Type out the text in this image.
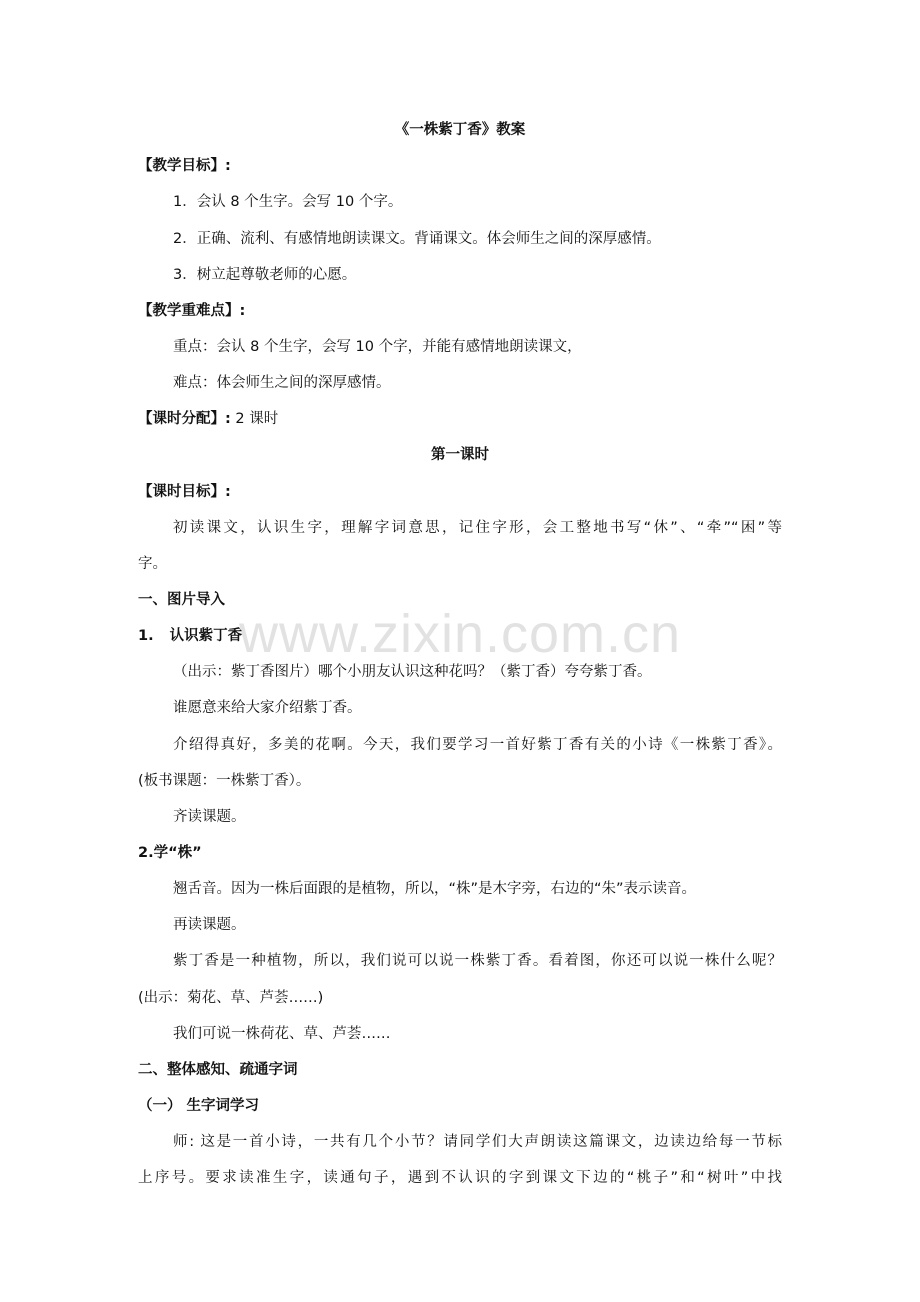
www.zixin.com.cn
《一株紫丁香》教案
【教学目标】:
1．会认 8 个生字。会写 10 个字。
2．正确、流利、有感情地朗读课文。背诵课文。体会师生之间的深厚感情。
3．树立起尊敬老师的心愿。
【教学重难点】:
重点：会认 8 个生字，会写 10 个字，并能有感情地朗读课文，
难点：体会师生之间的深厚感情。
【课时分配】: 2 课时
第一课时
【课时目标】:
初读课文，认识生字，理解字词意思，记住字形，会工整地书写“休”、“牵”“困”等
字。
一、图片导入
1. 认识紫丁香
（出示：紫丁香图片）哪个小朋友认识这种花吗？（紫丁香）夸夸紫丁香。
谁愿意来给大家介绍紫丁香。
介绍得真好，多美的花啊。今天，我们要学习一首好紫丁香有关的小诗《一株紫丁香》。
(板书课题：一株紫丁香）。
齐读课题。
2.学“株”
翘舌音。因为一株后面跟的是植物，所以，“株”是木字旁，右边的“朱”表示读音。
再读课题。
紫丁香是一种植物，所以，我们说可以说一株紫丁香。看着图，你还可以说一株什么呢？
(出示：菊花、草、芦荟……)
我们可说一株荷花、草、芦荟……
二、整体感知、疏通字词
（一） 生字词学习
师: 这是一首小诗，一共有几个小节？请同学们大声朗读这篇课文，边读边给每一节标
上序号。要求读准生字，读通句子，遇到不认识的字到课文下边的“桃子”和“树叶”中找
